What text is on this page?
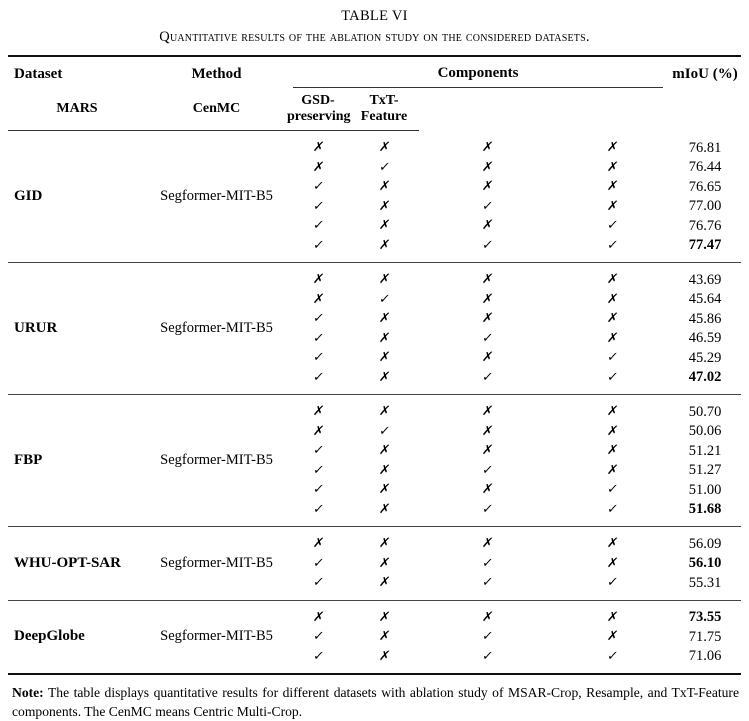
TABLE VI
Quantitative results of the ablation study on the considered datasets.

Dataset	Method	Components				mIoU (%)

MARS	CenMC	GSD-preserving	TxT-Feature			

GID	Segformer-MIT-B5	✗	✗	✗	✗	76.81
		✗	✓	✗	✗	76.44
		✓	✗	✗	✗	76.65
		✓	✗	✓	✗	77.00
		✓	✗	✗	✓	76.76
		✓	✗	✓	✓	77.47

URUR	Segformer-MIT-B5	✗	✗	✗	✗	43.69
		✗	✓	✗	✗	45.64
		✓	✗	✗	✗	45.86
		✓	✗	✓	✗	46.59
		✓	✗	✗	✓	45.29
		✓	✗	✓	✓	47.02

FBP	Segformer-MIT-B5	✗	✗	✗	✗	50.70
		✗	✓	✗	✗	50.06
		✓	✗	✗	✗	51.21
		✓	✗	✓	✗	51.27
		✓	✗	✗	✓	51.00
		✓	✗	✓	✓	51.68

WHU-OPT-SAR	Segformer-MIT-B5	✗	✗	✗	✗	56.09
		✓	✗	✓	✗	56.10
		✓	✗	✓	✓	55.31

DeepGlobe	Segformer-MIT-B5	✗	✗	✗	✗	73.55
		✓	✗	✓	✗	71.75
		✓	✗	✓	✓	71.06

Note: The table displays quantitative results for different datasets with ablation study of MSAR-Crop, Resample, and TxT-Feature components. The CenMC means Centric Multi-Crop.
